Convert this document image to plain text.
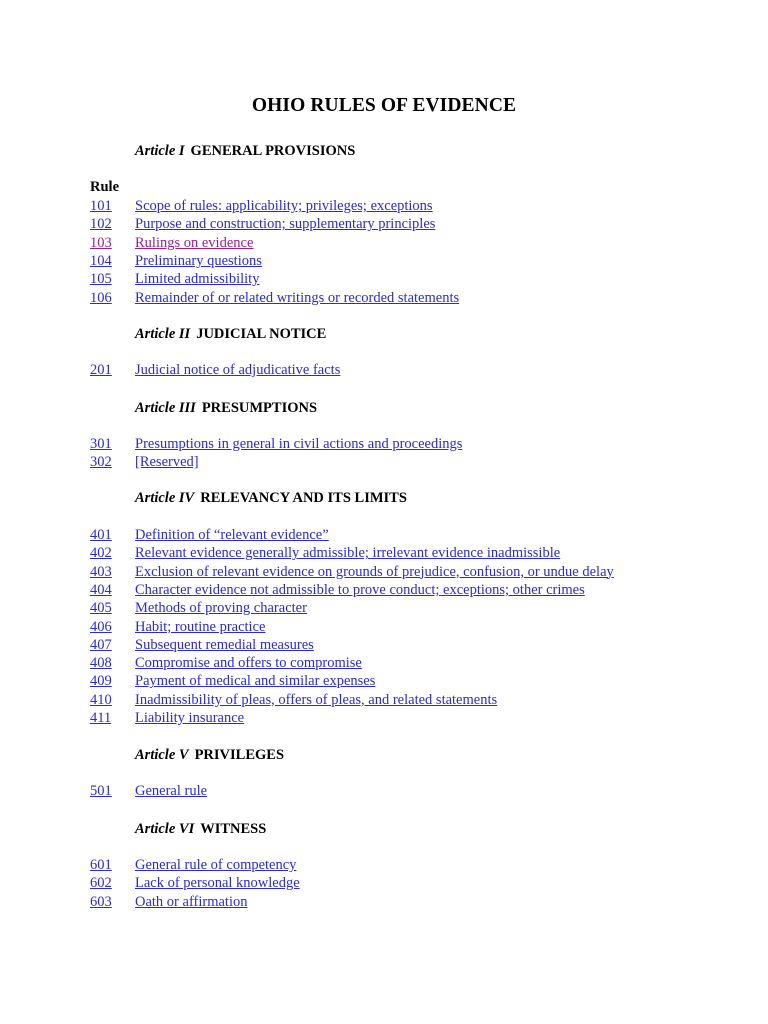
OHIO RULES OF EVIDENCE
Rule
Article I GENERAL PROVISIONS
101 Scope of rules: applicability; privileges; exceptions
102 Purpose and construction; supplementary principles
103 Rulings on evidence
104 Preliminary questions
105 Limited admissibility
106 Remainder of or related writings or recorded statements
Article II JUDICIAL NOTICE
201 Judicial notice of adjudicative facts
Article III PRESUMPTIONS
301 Presumptions in general in civil actions and proceedings
302 [Reserved]
Article IV RELEVANCY AND ITS LIMITS
401 Definition of “relevant evidence”
402 Relevant evidence generally admissible; irrelevant evidence inadmissible
403 Exclusion of relevant evidence on grounds of prejudice, confusion, or undue delay
404 Character evidence not admissible to prove conduct; exceptions; other crimes
405 Methods of proving character
406 Habit; routine practice
407 Subsequent remedial measures
408 Compromise and offers to compromise
409 Payment of medical and similar expenses
410 Inadmissibility of pleas, offers of pleas, and related statements
411 Liability insurance
Article V PRIVILEGES
501 General rule
Article VI WITNESS
601 General rule of competency
602 Lack of personal knowledge
603 Oath or affirmation
